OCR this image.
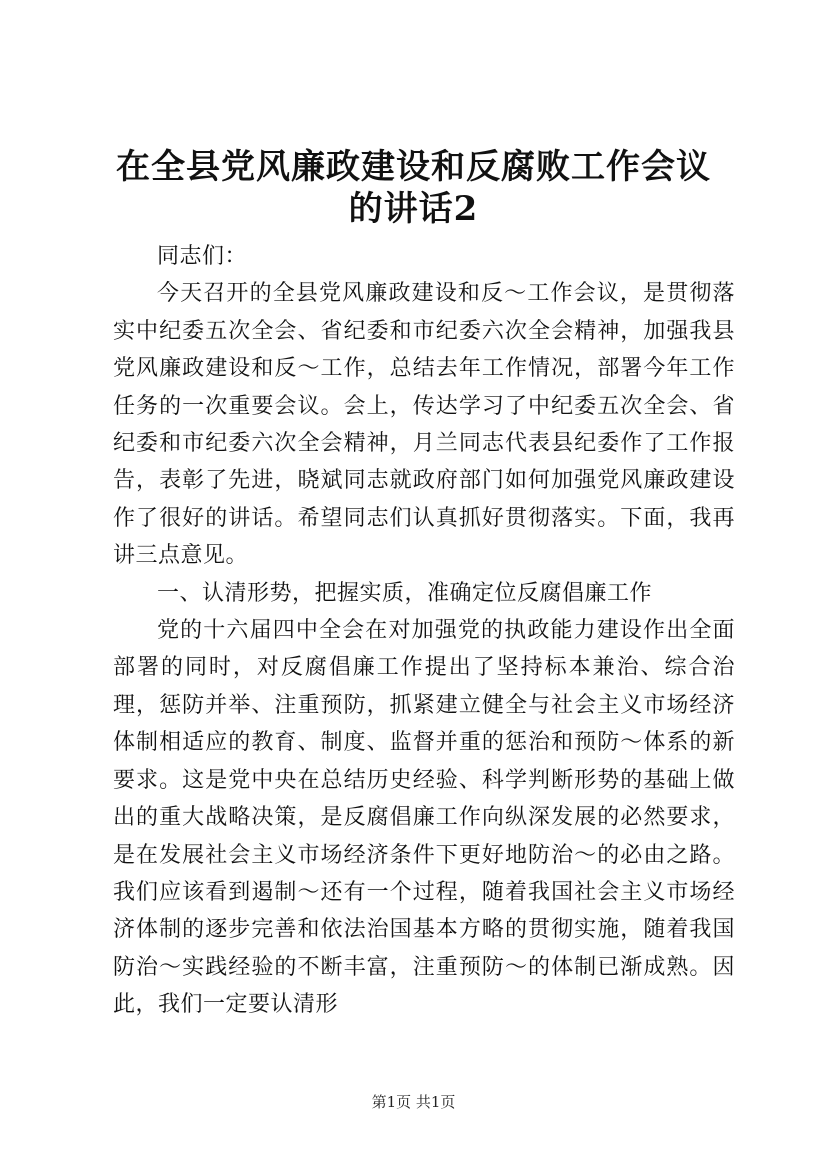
在全县党风廉政建设和反腐败工作会议的讲话2

同志们：

今天召开的全县党风廉政建设和反～工作会议，是贯彻落实中纪委五次全会、省纪委和市纪委六次全会精神，加强我县党风廉政建设和反～工作，总结去年工作情况，部署今年工作任务的一次重要会议。会上，传达学习了中纪委五次全会、省纪委和市纪委六次全会精神，月兰同志代表县纪委作了工作报告，表彰了先进，晓斌同志就政府部门如何加强党风廉政建设作了很好的讲话。希望同志们认真抓好贯彻落实。下面，我再讲三点意见。

一、认清形势，把握实质，准确定位反腐倡廉工作

党的十六届四中全会在对加强党的执政能力建设作出全面部署的同时，对反腐倡廉工作提出了坚持标本兼治、综合治理，惩防并举、注重预防，抓紧建立健全与社会主义市场经济体制相适应的教育、制度、监督并重的惩治和预防～体系的新要求。这是党中央在总结历史经验、科学判断形势的基础上做出的重大战略决策，是反腐倡廉工作向纵深发展的必然要求，是在发展社会主义市场经济条件下更好地防治～的必由之路。我们应该看到遏制～还有一个过程，随着我国社会主义市场经济体制的逐步完善和依法治国基本方略的贯彻实施，随着我国防治～实践经验的不断丰富，注重预防～的体制已渐成熟。因此，我们一定要认清形

第1页 共1页
